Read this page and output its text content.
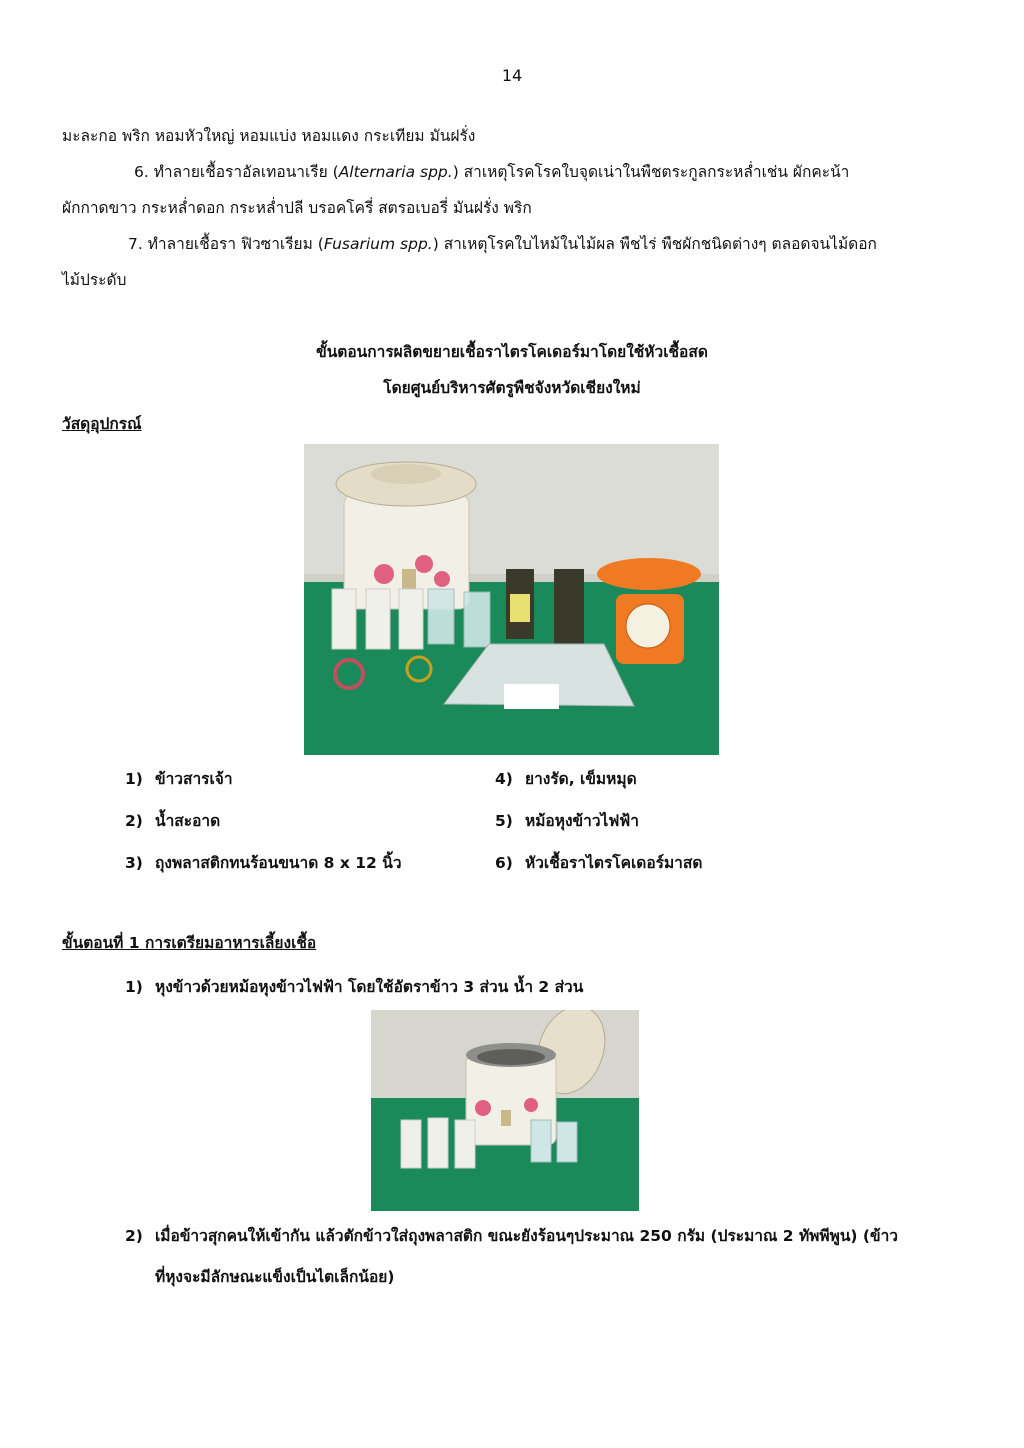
14
มะละกอ พริก หอมหัวใหญ่ หอมแบ่ง หอมแดง กระเทียม มันฝรั่ง
6. ทำลายเชื้อราอัลเทอนาเรีย (Alternaria spp.) สาเหตุโรคโรคใบจุดเน่าในพืชตระกูลกระหล่ำเช่น ผักคะน้า
ผักกาดขาว กระหล่ำดอก กระหล่ำปลี บรอคโครี่ สตรอเบอรี่ มันฝรั่ง พริก
7. ทำลายเชื้อรา ฟิวซาเรียม (Fusarium spp.) สาเหตุโรคใบไหม้ในไม้ผล พืชไร่ พืชผักชนิดต่างๆ ตลอดจนไม้ดอก
ไม้ประดับ
ขั้นตอนการผลิตขยายเชื้อราไตรโคเดอร์มาโดยใช้หัวเชื้อสด
โดยศูนย์บริหารศัตรูพืชจังหวัดเชียงใหม่
วัสดุอุปกรณ์
1) ข้าวสารเจ้า
2) น้ำสะอาด
3) ถุงพลาสติกทนร้อนขนาด 8 x 12 นิ้ว
4) ยางรัด, เข็มหมุด
5) หม้อหุงข้าวไฟฟ้า
6) หัวเชื้อราไตรโคเดอร์มาสด
ขั้นตอนที่ 1 การเตรียมอาหารเลี้ยงเชื้อ
1) หุงข้าวด้วยหม้อหุงข้าวไฟฟ้า โดยใช้อัตราข้าว 3 ส่วน น้ำ 2 ส่วน
2) เมื่อข้าวสุกคนให้เข้ากัน แล้วตักข้าวใส่ถุงพลาสติก ขณะยังร้อนๆประมาณ 250 กรัม (ประมาณ 2 ทัพพีพูน) (ข้าว
ที่หุงจะมีลักษณะแข็งเป็นไตเล็กน้อย)
